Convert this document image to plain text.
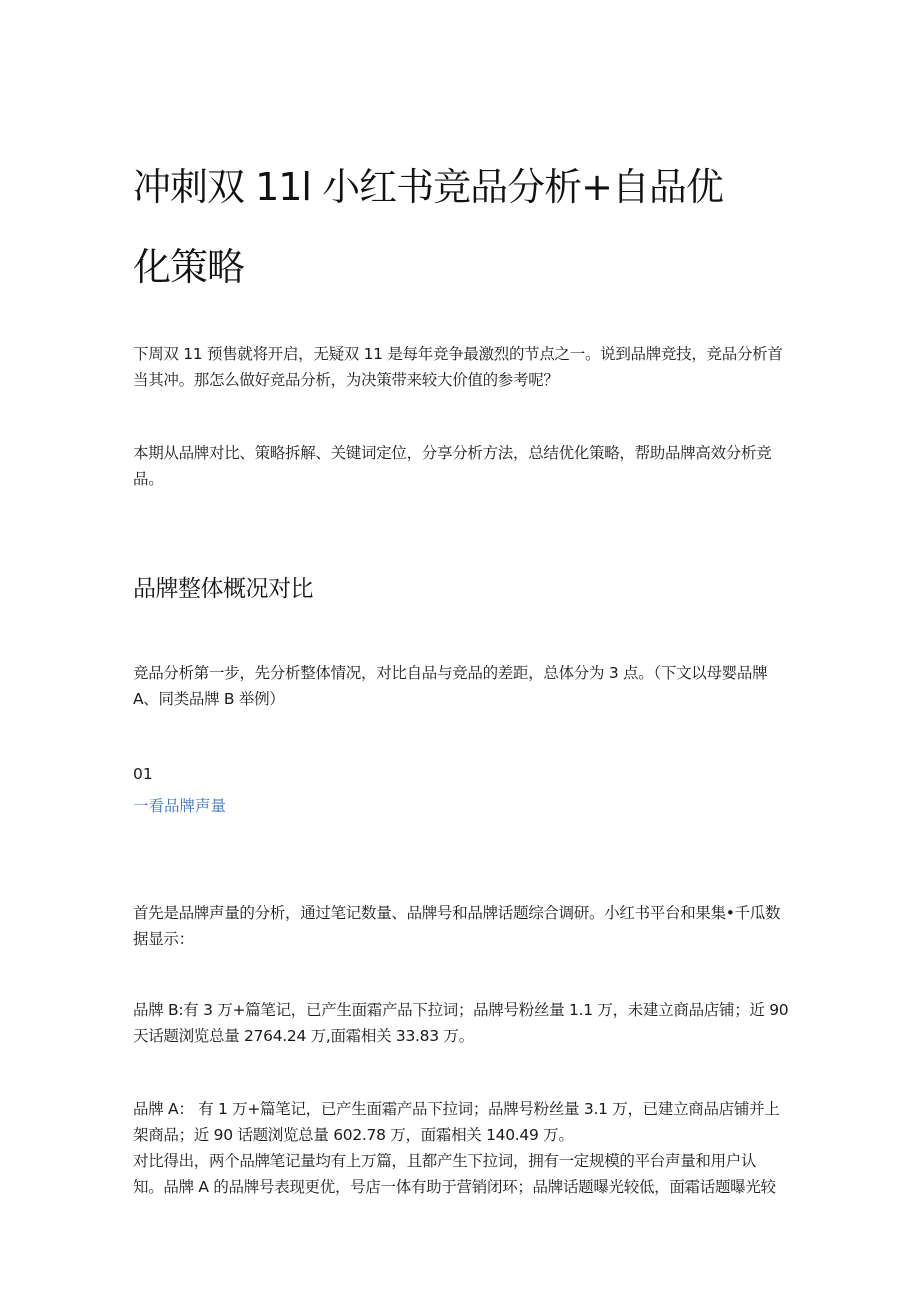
冲刺双 11l 小红书竞品分析+自品优
化策略

下周双 11 预售就将开启，无疑双 11 是每年竞争最激烈的节点之一。说到品牌竞技，竞品分析首
当其冲。那怎么做好竞品分析，为决策带来较大价值的参考呢？

本期从品牌对比、策略拆解、关键词定位，分享分析方法，总结优化策略，帮助品牌高效分析竞
品。

品牌整体概况对比

竞品分析第一步，先分析整体情况，对比自品与竞品的差距，总体分为 3 点。（下文以母婴品牌
A、同类品牌 B 举例）

01
一看品牌声量

首先是品牌声量的分析，通过笔记数量、品牌号和品牌话题综合调研。小红书平台和果集•千瓜数
据显示：

品牌 B:有 3 万+篇笔记，已产生面霜产品下拉词；品牌号粉丝量 1.1 万，未建立商品店铺；近 90
天话题浏览总量 2764.24 万,面霜相关 33.83 万。

品牌 A： 有 1 万+篇笔记，已产生面霜产品下拉词；品牌号粉丝量 3.1 万，已建立商品店铺并上
架商品；近 90 话题浏览总量 602.78 万，面霜相关 140.49 万。
对比得出，两个品牌笔记量均有上万篇，且都产生下拉词，拥有一定规模的平台声量和用户认
知。品牌 A 的品牌号表现更优，号店一体有助于营销闭环；品牌话题曝光较低，面霜话题曝光较
